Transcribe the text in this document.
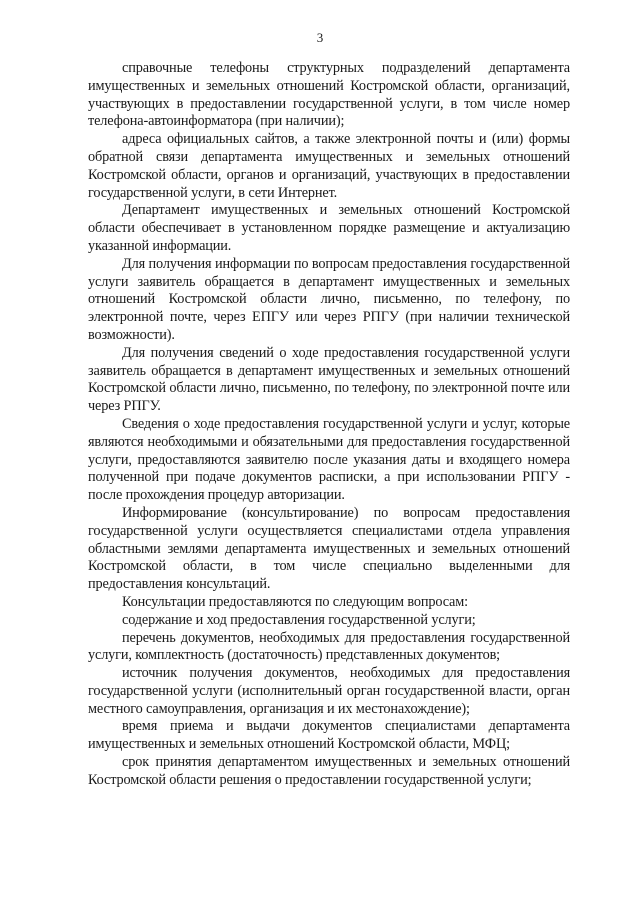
3

справочные телефоны структурных подразделений департамента имущественных и земельных отношений Костромской области, организаций, участвующих в предоставлении государственной услуги, в том числе номер телефона-автоинформатора (при наличии);

адреса официальных сайтов, а также электронной почты и (или) формы обратной связи департамента имущественных и земельных отношений Костромской области, органов и организаций, участвующих в предоставлении государственной услуги, в сети Интернет.

Департамент имущественных и земельных отношений Костромской области обеспечивает в установленном порядке размещение и актуализацию указанной информации.

Для получения информации по вопросам предоставления государственной услуги заявитель обращается в департамент имущественных и земельных отношений Костромской области лично, письменно, по телефону, по электронной почте, через ЕПГУ или через РПГУ (при наличии технической возможности).

Для получения сведений о ходе предоставления государственной услуги заявитель обращается в департамент имущественных и земельных отношений Костромской области лично, письменно, по телефону, по электронной почте или через РПГУ.

Сведения о ходе предоставления государственной услуги и услуг, которые являются необходимыми и обязательными для предоставления государственной услуги, предоставляются заявителю после указания даты и входящего номера полученной при подаче документов расписки, а при использовании РПГУ - после прохождения процедур авторизации.

Информирование (консультирование) по вопросам предоставления государственной услуги осуществляется специалистами отдела управления областными землями департамента имущественных и земельных отношений Костромской области, в том числе специально выделенными для предоставления консультаций.

Консультации предоставляются по следующим вопросам:

содержание и ход предоставления государственной услуги;

перечень документов, необходимых для предоставления государственной услуги, комплектность (достаточность) представленных документов;

источник получения документов, необходимых для предоставления государственной услуги (исполнительный орган государственной власти, орган местного самоуправления, организация и их местонахождение);

время приема и выдачи документов специалистами департамента имущественных и земельных отношений Костромской области, МФЦ;

срок принятия департаментом имущественных и земельных отношений Костромской области решения о предоставлении государственной услуги;
